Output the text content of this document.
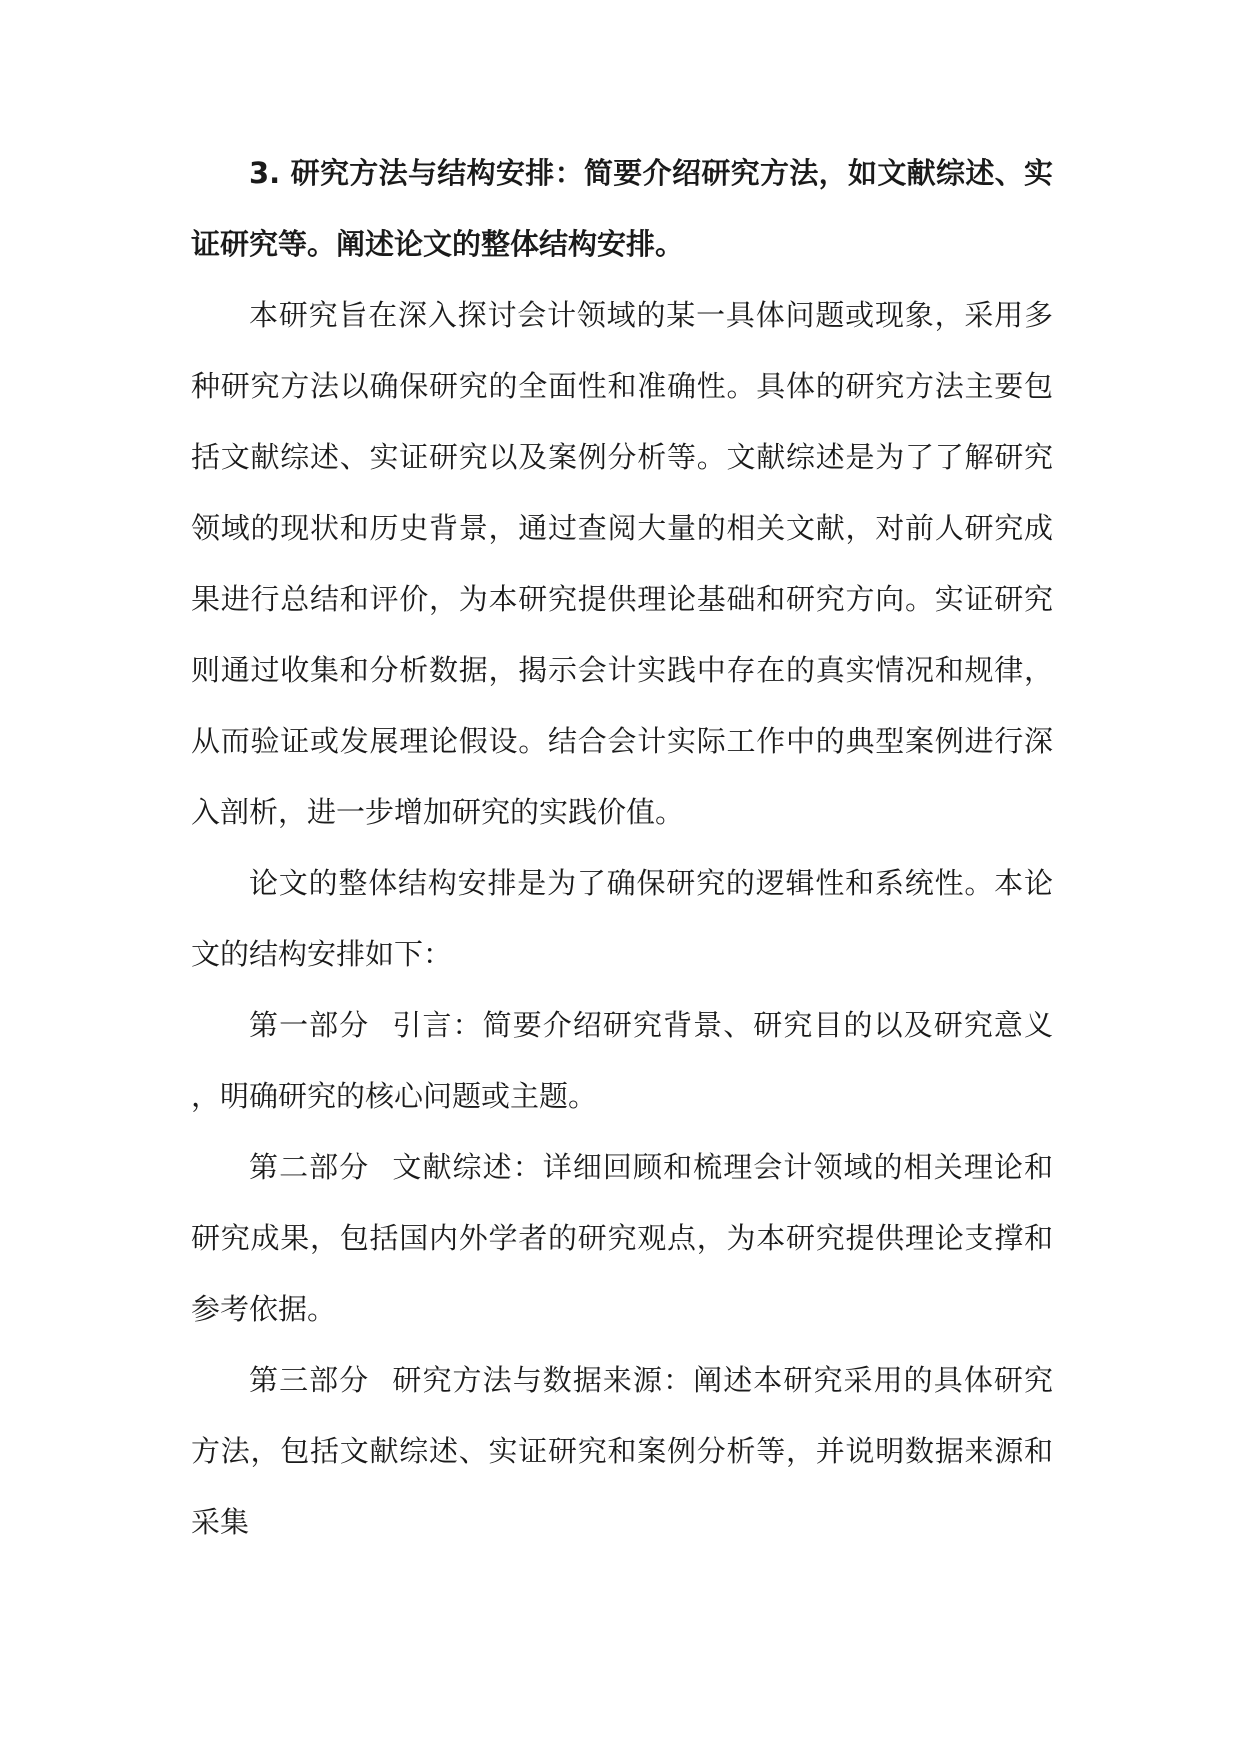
3. 研究方法与结构安排：简要介绍研究方法，如文献综述、实证研究等。阐述论文的整体结构安排。

本研究旨在深入探讨会计领域的某一具体问题或现象，采用多种研究方法以确保研究的全面性和准确性。具体的研究方法主要包括文献综述、实证研究以及案例分析等。文献综述是为了了解研究领域的现状和历史背景，通过查阅大量的相关文献，对前人研究成果进行总结和评价，为本研究提供理论基础和研究方向。实证研究则通过收集和分析数据，揭示会计实践中存在的真实情况和规律，从而验证或发展理论假设。结合会计实际工作中的典型案例进行深入剖析，进一步增加研究的实践价值。

论文的整体结构安排是为了确保研究的逻辑性和系统性。本论文的结构安排如下：

第一部分 引言：简要介绍研究背景、研究目的以及研究意义，明确研究的核心问题或主题。

第二部分 文献综述：详细回顾和梳理会计领域的相关理论和研究成果，包括国内外学者的研究观点，为本研究提供理论支撑和参考依据。

第三部分 研究方法与数据来源：阐述本研究采用的具体研究方法，包括文献综述、实证研究和案例分析等，并说明数据来源和采集
